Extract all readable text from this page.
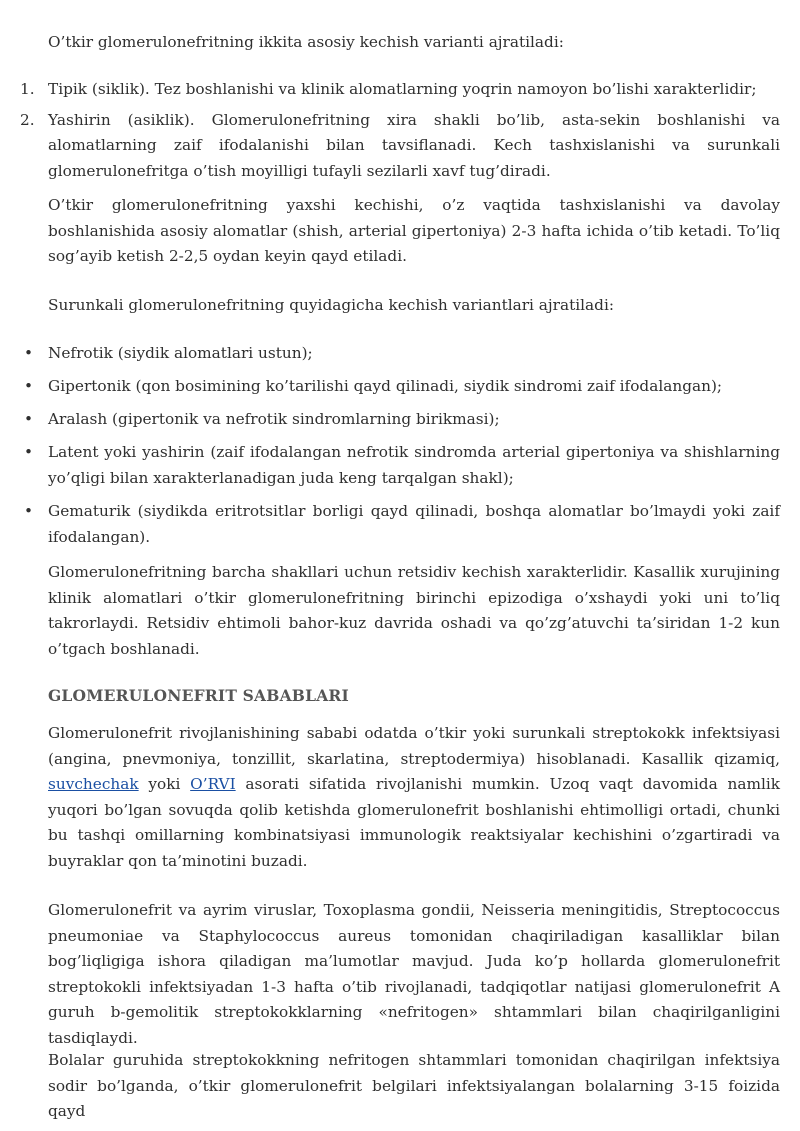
O’tkir glomerulonefritning ikkita asosiy kechish varianti ajratiladi:

1. Tipik (siklik). Tez boshlanishi va klinik alomatlarning yoqrin namoyon bo’lishi xarakterlidir;
2. Yashirin (asiklik). Glomerulonefritning xira shakli bo’lib, asta-sekin boshlanishi va alomatlarning zaif ifodalanishi bilan tavsiflanadi. Kech tashxislanishi va surunkali glomerulonefritga o’tish moyilligi tufayli sezilarli xavf tug’diradi.

O’tkir glomerulonefritning yaxshi kechishi, o’z vaqtida tashxislanishi va davolay boshlanishida asosiy alomatlar (shish, arterial gipertoniya) 2-3 hafta ichida o’tib ketadi. To’liq sog’ayib ketish 2-2,5 oydan keyin qayd etiladi.

Surunkali glomerulonefritning quyidagicha kechish variantlari ajratiladi:

• Nefrotik (siydik alomatlari ustun);
• Gipertonik (qon bosimining ko’tarilishi qayd qilinadi, siydik sindromi zaif ifodalangan);
• Aralash (gipertonik va nefrotik sindromlarning birikmasi);
• Latent yoki yashirin (zaif ifodalangan nefrotik sindromda arterial gipertoniya va shishlarning yo’qligi bilan xarakterlanadigan juda keng tarqalgan shakl);
• Gematurik (siydikda eritrotsitlar borligi qayd qilinadi, boshqa alomatlar bo’lmaydi yoki zaif ifodalangan).

Glomerulonefritning barcha shakllari uchun retsidiv kechish xarakterlidir. Kasallik xurujining klinik alomatlari o’tkir glomerulonefritning birinchi epizodiga o’xshaydi yoki uni to’liq takrorlaydi. Retsidiv ehtimoli bahor-kuz davrida oshadi va qo’zg’atuvchi ta’siridan 1-2 kun o’tgach boshlanadi.

GLOMERULONEFRIT SABABLARI

Glomerulonefrit rivojlanishining sababi odatda o’tkir yoki surunkali streptokokk infektsiyasi (angina, pnevmoniya, tonzillit, skarlatina, streptodermiya) hisoblanadi. Kasallik qizamiq, suvchechak yoki O’RVI asorati sifatida rivojlanishi mumkin. Uzoq vaqt davomida namlik yuqori bo’lgan sovuqda qolib ketishda glomerulonefrit boshlanishi ehtimolligi ortadi, chunki bu tashqi omillarning kombinatsiyasi immunologik reaktsiyalar kechishini o’zgartiradi va buyraklar qon ta’minotini buzadi.

Glomerulonefrit va ayrim viruslar, Toxoplasma gondii, Neisseria meningitidis, Streptococcus pneumoniae va Staphylococcus aureus tomonidan chaqiriladigan kasalliklar bilan bog’liqligiga ishora qiladigan ma’lumotlar mavjud. Juda ko’p hollarda glomerulonefrit streptokokli infektsiyadan 1-3 hafta o’tib rivojlanadi, tadqiqotlar natijasi glomerulonefrit A guruh b-gemolitik streptokokklarning «nefritogen» shtammlari bilan chaqirilganligini tasdiqlaydi.

Bolalar guruhida streptokokkning nefritogen shtammlari tomonidan chaqirilgan infektsiya sodir bo’lganda, o’tkir glomerulonefrit belgilari infektsiyalangan bolalarning 3-15 foizida qayd
